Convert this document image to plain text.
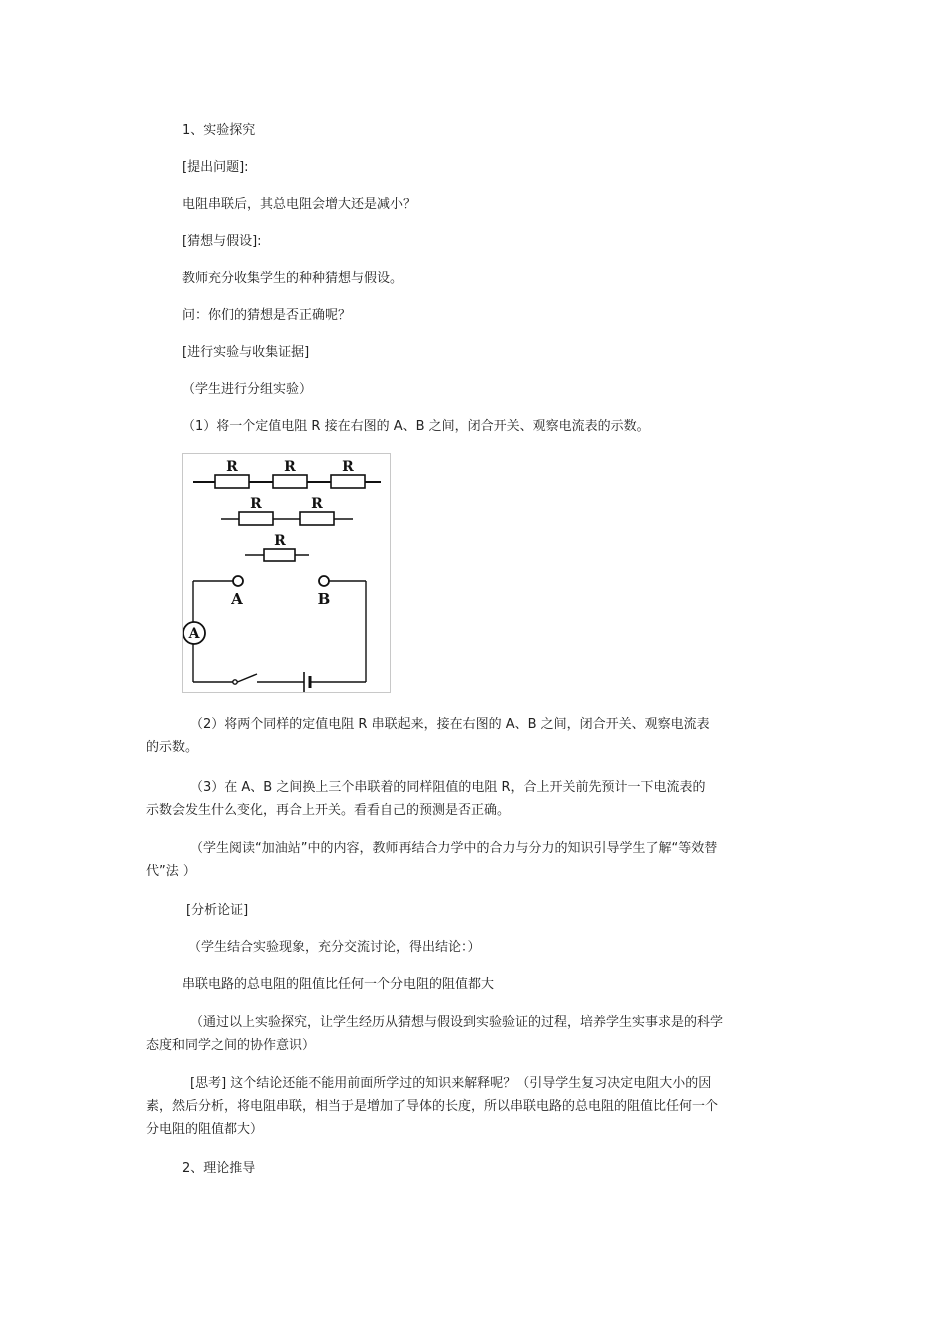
1、实验探究

[提出问题]:

电阻串联后，其总电阻会增大还是减小？

[猜想与假设]:

教师充分收集学生的种种猜想与假设。

问：你们的猜想是否正确呢？

[进行实验与收集证据]

（学生进行分组实验）

（1）将一个定值电阻 R 接在右图的 A、B 之间，闭合开关、观察电流表的示数。

R	R	R
R	R
R
A	B
A

（2）将两个同样的定值电阻 R 串联起来，接在右图的 A、B 之间，闭合开关、观察电流表的示数。

（3）在 A、B 之间换上三个串联着的同样阻值的电阻 R，合上开关前先预计一下电流表的示数会发生什么变化，再合上开关。看看自己的预测是否正确。

（学生阅读“加油站”中的内容，教师再结合力学中的合力与分力的知识引导学生了解“等效替代”法 ）

[分析论证]

（学生结合实验现象，充分交流讨论，得出结论：）

串联电路的总电阻的阻值比任何一个分电阻的阻值都大

（通过以上实验探究，让学生经历从猜想与假设到实验验证的过程，培养学生实事求是的科学态度和同学之间的协作意识）

[思考] 这个结论还能不能用前面所学过的知识来解释呢？（引导学生复习决定电阻大小的因素，然后分析，将电阻串联，相当于是增加了导体的长度，所以串联电路的总电阻的阻值比任何一个分电阻的阻值都大）

2、理论推导
